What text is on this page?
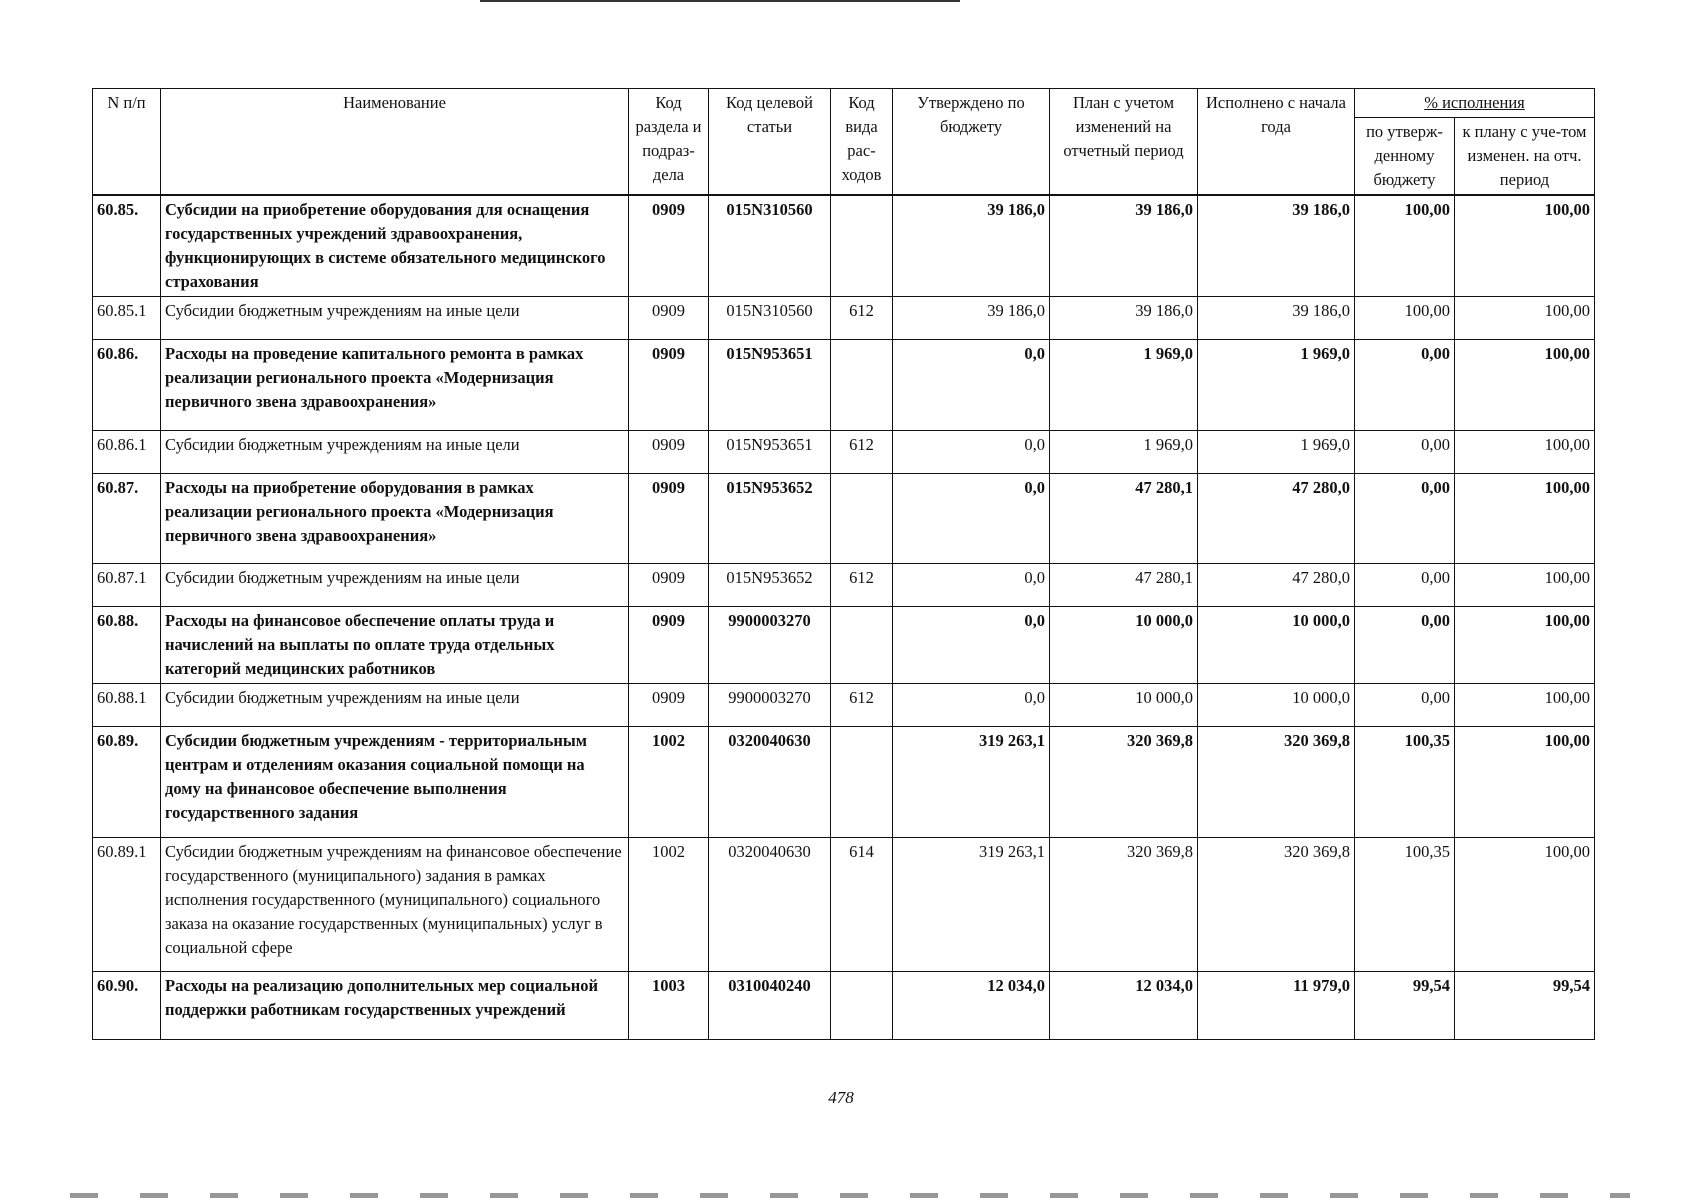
N п/п	Наименование	Код раздела и подраз-дела	Код целевой статьи	Код вида рас-ходов	Утверждено по бюджету	План с учетом изменений на отчетный период	Исполнено с начала года	% исполнения	
								по утверж-денному бюджету	к плану с уче-том изменен. на отч. период
60.85.	Субсидии на приобретение оборудования для оснащения государственных учреждений здравоохранения, функционирующих в системе обязательного медицинского страхования	0909	015N310560		39 186,0	39 186,0	39 186,0	100,00	100,00
60.85.1	Субсидии бюджетным учреждениям на иные цели	0909	015N310560	612	39 186,0	39 186,0	39 186,0	100,00	100,00
60.86.	Расходы на проведение капитального ремонта в рамках реализации регионального проекта «Модернизация первичного звена здравоохранения»	0909	015N953651		0,0	1 969,0	1 969,0	0,00	100,00
60.86.1	Субсидии бюджетным учреждениям на иные цели	0909	015N953651	612	0,0	1 969,0	1 969,0	0,00	100,00
60.87.	Расходы на приобретение оборудования в рамках реализации регионального проекта «Модернизация первичного звена здравоохранения»	0909	015N953652		0,0	47 280,1	47 280,0	0,00	100,00
60.87.1	Субсидии бюджетным учреждениям на иные цели	0909	015N953652	612	0,0	47 280,1	47 280,0	0,00	100,00
60.88.	Расходы на финансовое обеспечение оплаты труда и начислений на выплаты по оплате труда отдельных категорий медицинских работников	0909	9900003270		0,0	10 000,0	10 000,0	0,00	100,00
60.88.1	Субсидии бюджетным учреждениям на иные цели	0909	9900003270	612	0,0	10 000,0	10 000,0	0,00	100,00
60.89.	Субсидии бюджетным учреждениям - территориальным центрам и отделениям оказания социальной помощи на дому на финансовое обеспечение выполнения государственного задания	1002	0320040630		319 263,1	320 369,8	320 369,8	100,35	100,00
60.89.1	Субсидии бюджетным учреждениям на финансовое обеспечение государственного (муниципального) задания в рамках исполнения государственного (муниципального) социального заказа на оказание государственных (муниципальных) услуг в социальной сфере	1002	0320040630	614	319 263,1	320 369,8	320 369,8	100,35	100,00
60.90.	Расходы на реализацию дополнительных мер социальной поддержки работникам государственных учреждений	1003	0310040240		12 034,0	12 034,0	11 979,0	99,54	99,54
478
